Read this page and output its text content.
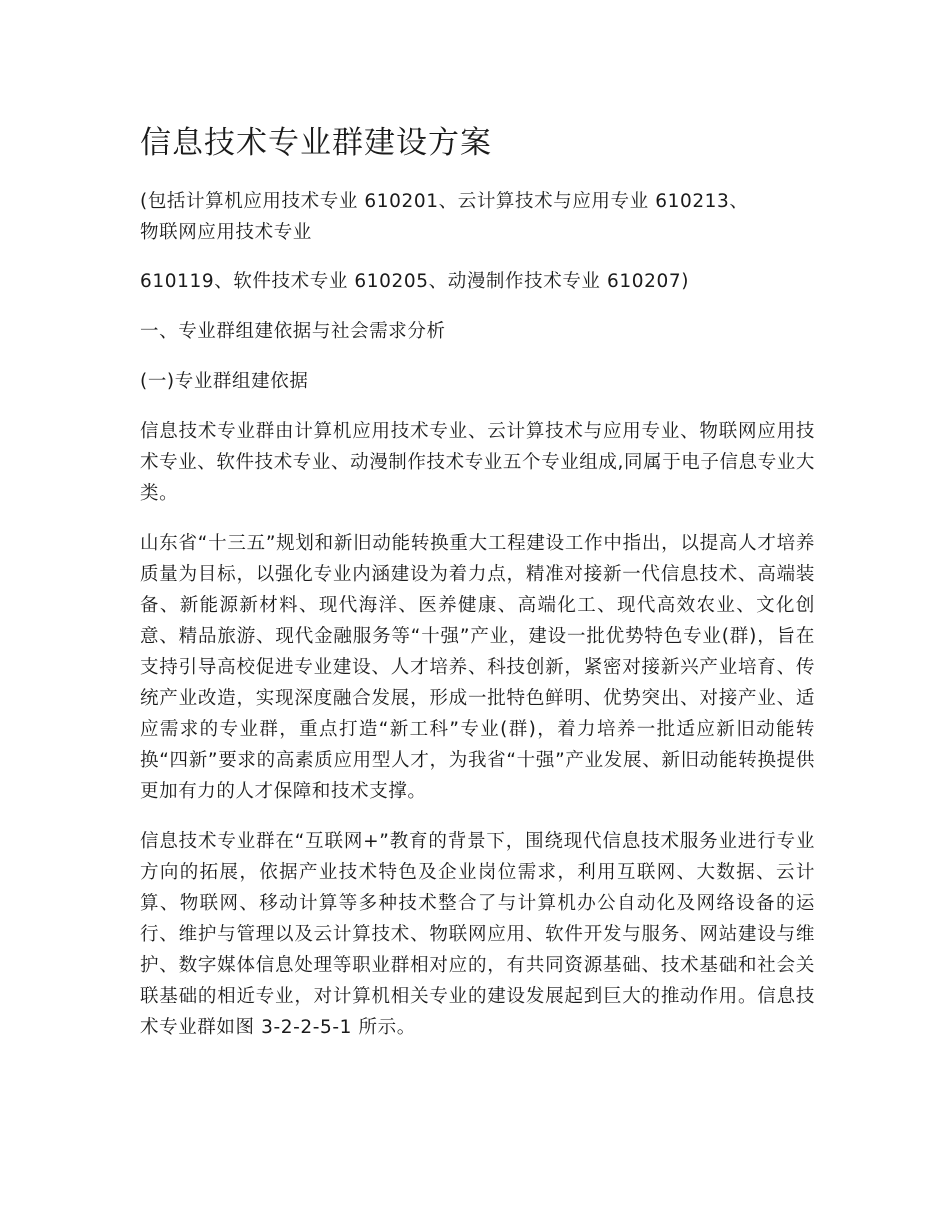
信息技术专业群建设方案

(包括计算机应用技术专业 610201、云计算技术与应用专业 610213、

物联网应用技术专业

610119、软件技术专业 610205、动漫制作技术专业 610207)

一、专业群组建依据与社会需求分析

(一)专业群组建依据

信息技术专业群由计算机应用技术专业、云计算技术与应用专业、物联网应用技术专业、软件技术专业、动漫制作技术专业五个专业组成,同属于电子信息专业大类。

山东省“十三五”规划和新旧动能转换重大工程建设工作中指出，以提高人才培养质量为目标，以强化专业内涵建设为着力点，精准对接新一代信息技术、高端装备、新能源新材料、现代海洋、医养健康、高端化工、现代高效农业、文化创意、精品旅游、现代金融服务等“十强”产业，建设一批优势特色专业(群)，旨在支持引导高校促进专业建设、人才培养、科技创新，紧密对接新兴产业培育、传统产业改造，实现深度融合发展，形成一批特色鲜明、优势突出、对接产业、适应需求的专业群，重点打造“新工科”专业(群)，着力培养一批适应新旧动能转换“四新”要求的高素质应用型人才，为我省“十强”产业发展、新旧动能转换提供更加有力的人才保障和技术支撑。

信息技术专业群在“互联网+”教育的背景下，围绕现代信息技术服务业进行专业方向的拓展，依据产业技术特色及企业岗位需求，利用互联网、大数据、云计算、物联网、移动计算等多种技术整合了与计算机办公自动化及网络设备的运行、维护与管理以及云计算技术、物联网应用、软件开发与服务、网站建设与维护、数字媒体信息处理等职业群相对应的，有共同资源基础、技术基础和社会关联基础的相近专业，对计算机相关专业的建设发展起到巨大的推动作用。信息技术专业群如图 3-2-2-5-1 所示。
